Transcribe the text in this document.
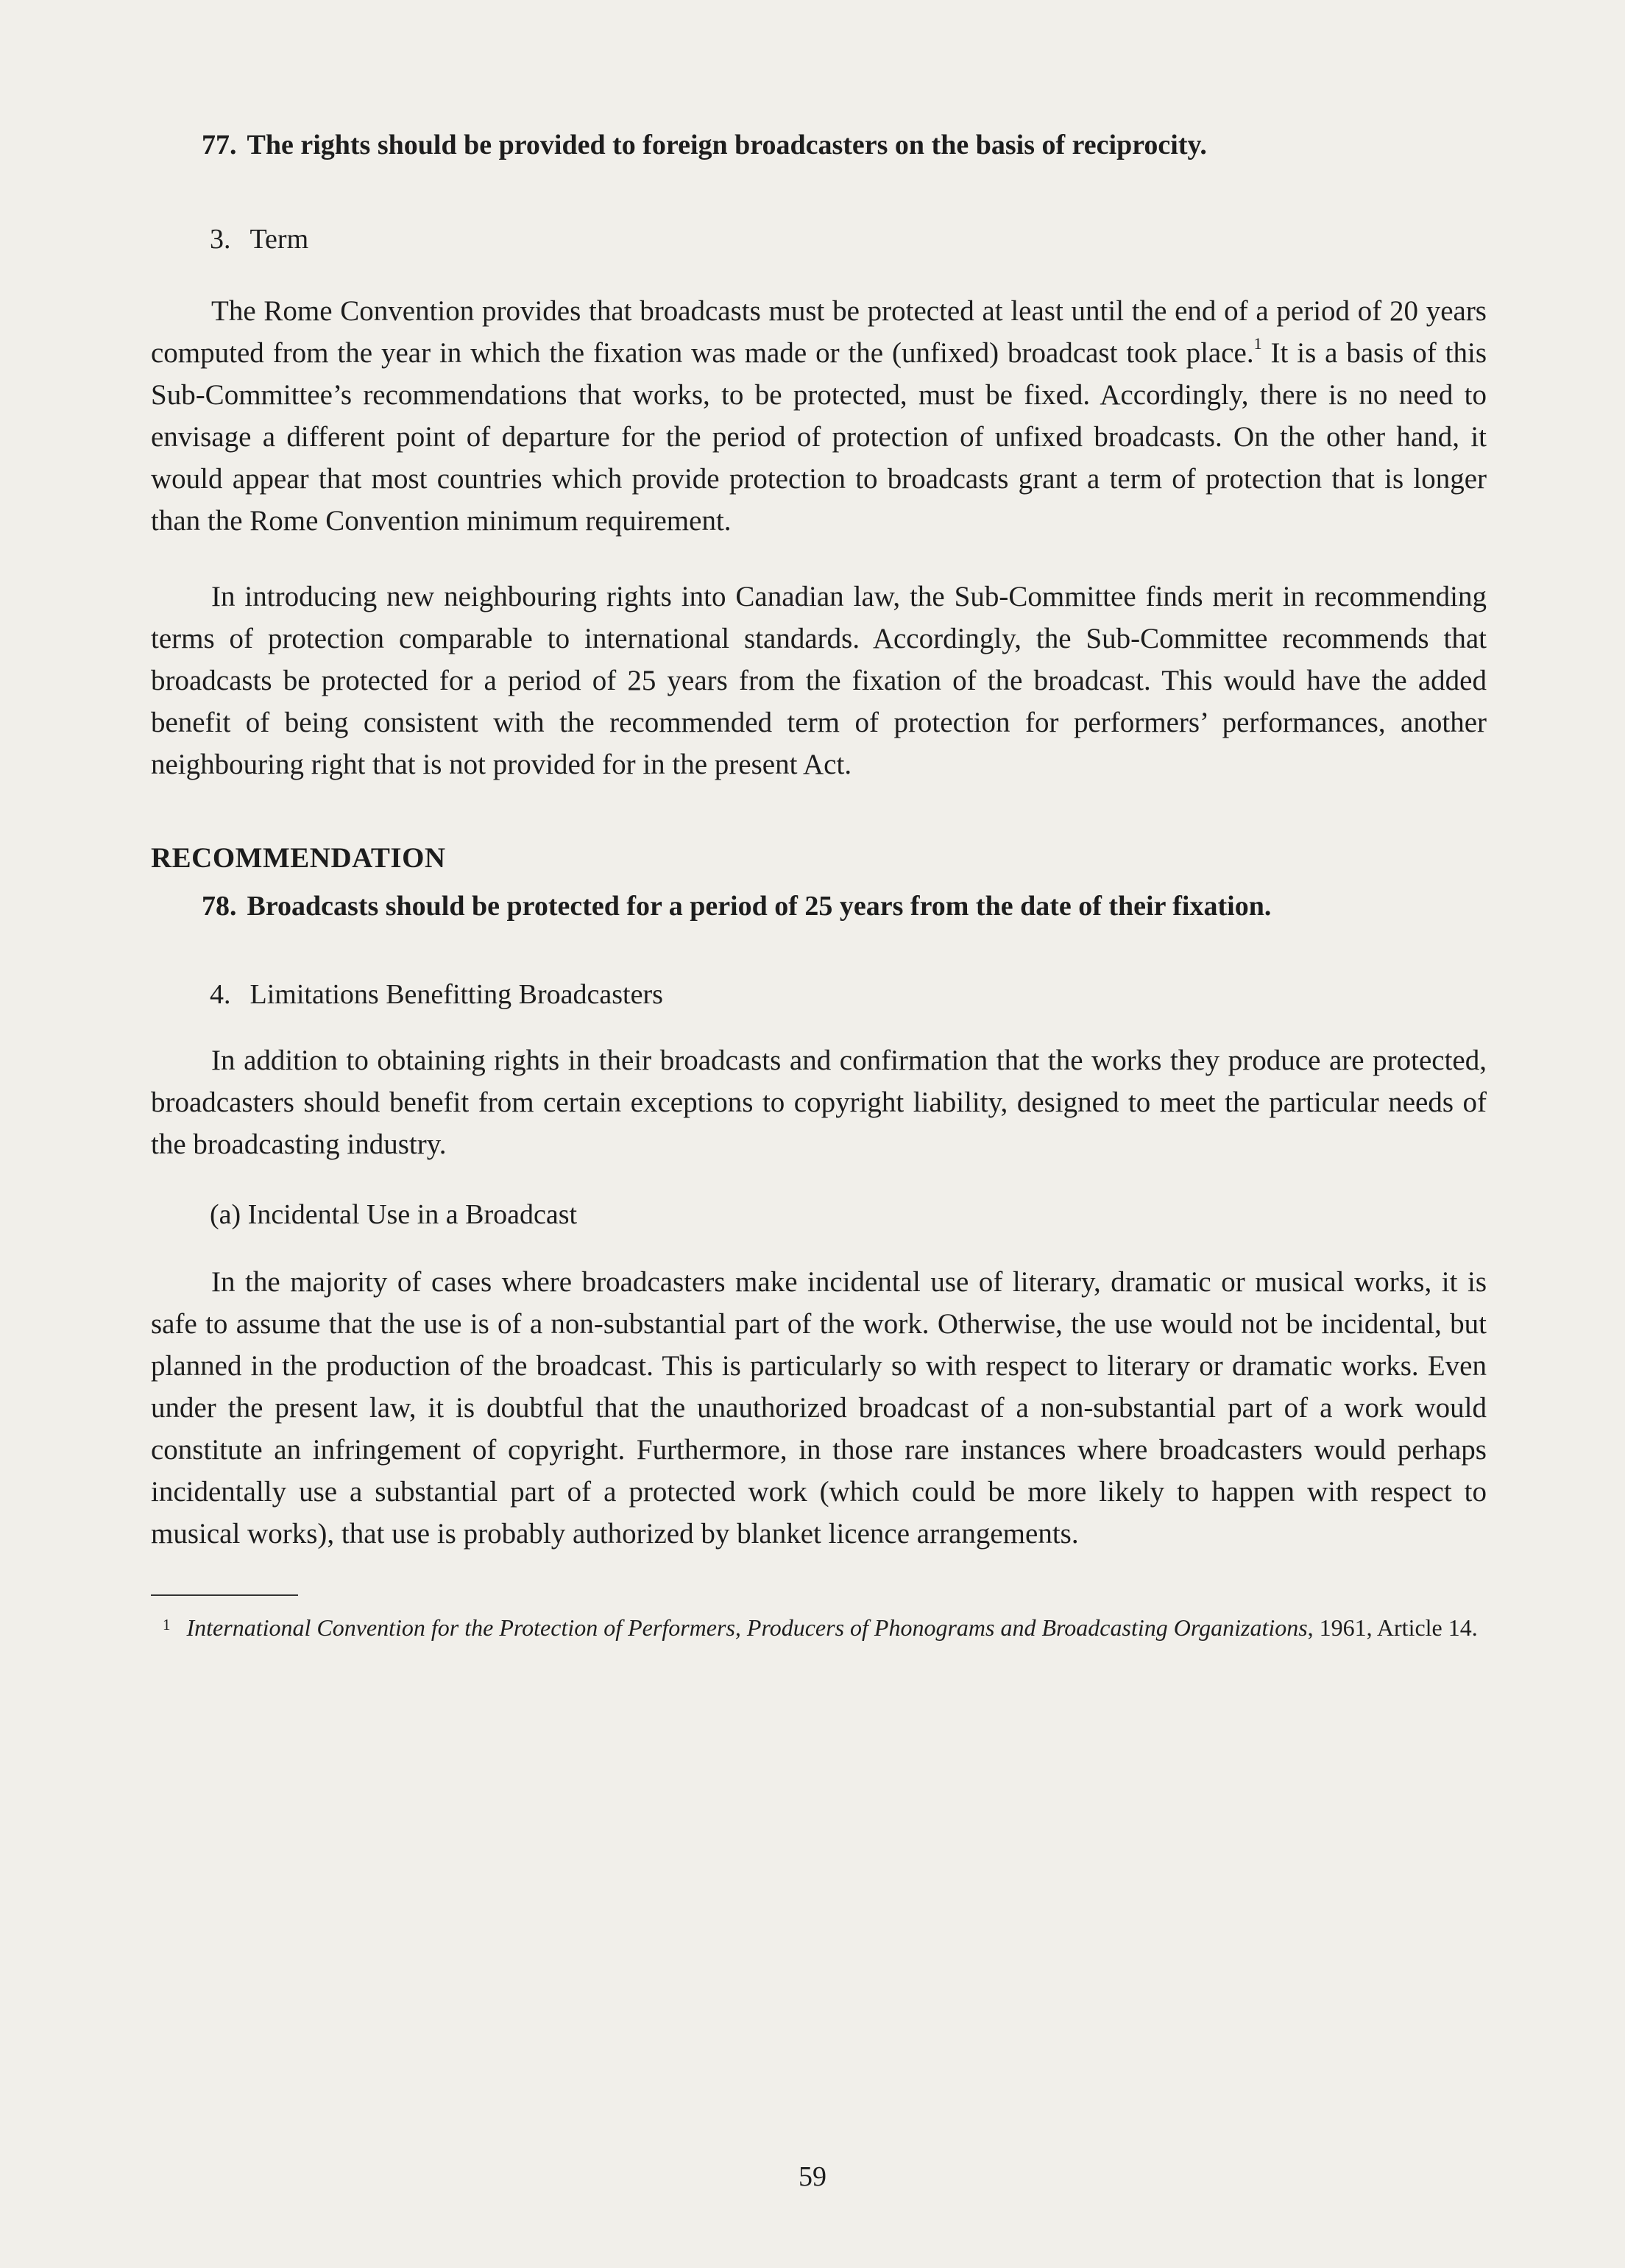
77. The rights should be provided to foreign broadcasters on the basis of reciprocity.

3. Term

The Rome Convention provides that broadcasts must be protected at least until the end of a period of 20 years computed from the year in which the fixation was made or the (unfixed) broadcast took place.$^1$ It is a basis of this Sub-Committee’s recommendations that works, to be protected, must be fixed. Accordingly, there is no need to envisage a different point of departure for the period of protection of unfixed broadcasts. On the other hand, it would appear that most countries which provide protection to broadcasts grant a term of protection that is longer than the Rome Convention minimum requirement.

In introducing new neighbouring rights into Canadian law, the Sub-Committee finds merit in recommending terms of protection comparable to international standards. Accordingly, the Sub-Committee recommends that broadcasts be protected for a period of 25 years from the fixation of the broadcast. This would have the added benefit of being consistent with the recommended term of protection for performers’ performances, another neighbouring right that is not provided for in the present Act.

RECOMMENDATION

78. Broadcasts should be protected for a period of 25 years from the date of their fixation.

4. Limitations Benefitting Broadcasters

In addition to obtaining rights in their broadcasts and confirmation that the works they produce are protected, broadcasters should benefit from certain exceptions to copyright liability, designed to meet the particular needs of the broadcasting industry.

(a) Incidental Use in a Broadcast

In the majority of cases where broadcasters make incidental use of literary, dramatic or musical works, it is safe to assume that the use is of a non-substantial part of the work. Otherwise, the use would not be incidental, but planned in the production of the broadcast. This is particularly so with respect to literary or dramatic works. Even under the present law, it is doubtful that the unauthorized broadcast of a non-substantial part of a work would constitute an infringement of copyright. Furthermore, in those rare instances where broadcasters would perhaps incidentally use a substantial part of a protected work (which could be more likely to happen with respect to musical works), that use is probably authorized by blanket licence arrangements.

$^1$ International Convention for the Protection of Performers, Producers of Phonograms and Broadcasting Organizations, 1961, Article 14.

59
